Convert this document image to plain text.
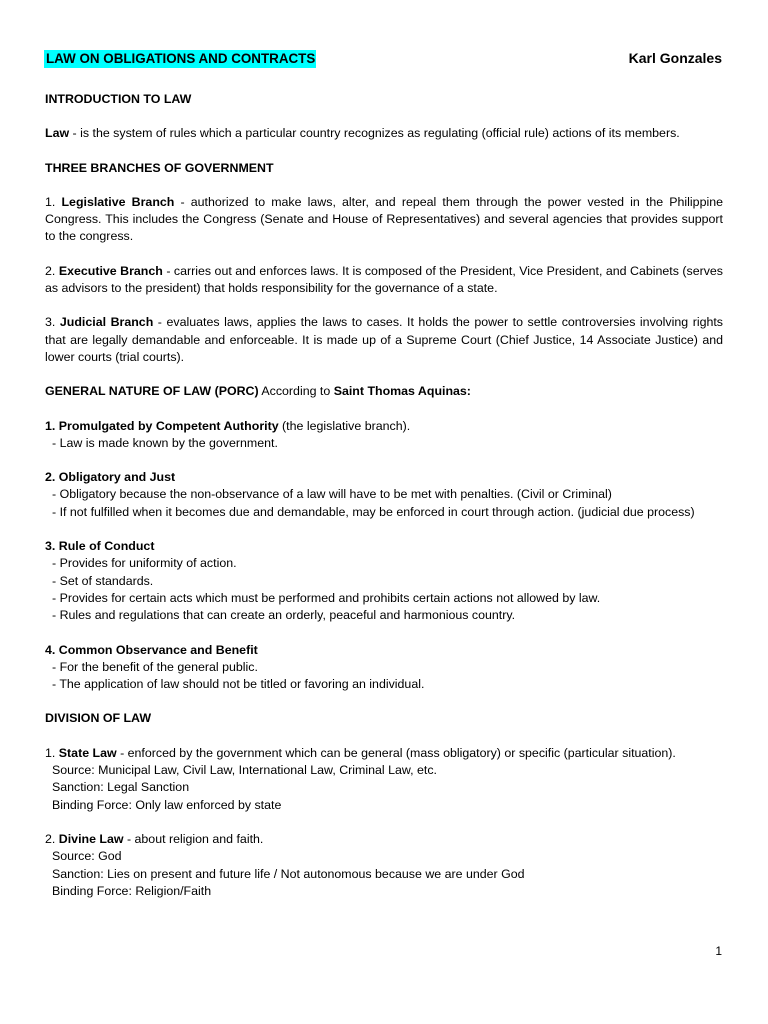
LAW ON OBLIGATIONS AND CONTRACTS	Karl Gonzales
INTRODUCTION TO LAW
Law - is the system of rules which a particular country recognizes as regulating (official rule) actions of its members.
THREE BRANCHES OF GOVERNMENT
1. Legislative Branch - authorized to make laws, alter, and repeal them through the power vested in the Philippine Congress. This includes the Congress (Senate and House of Representatives) and several agencies that provides support to the congress.
2. Executive Branch - carries out and enforces laws. It is composed of the President, Vice President, and Cabinets (serves as advisors to the president) that holds responsibility for the governance of a state.
3. Judicial Branch - evaluates laws, applies the laws to cases. It holds the power to settle controversies involving rights that are legally demandable and enforceable. It is made up of a Supreme Court (Chief Justice, 14 Associate Justice) and lower courts (trial courts).
GENERAL NATURE OF LAW (PORC) According to Saint Thomas Aquinas:
1. Promulgated by Competent Authority (the legislative branch).
- Law is made known by the government.
2. Obligatory and Just
- Obligatory because the non-observance of a law will have to be met with penalties. (Civil or Criminal)
- If not fulfilled when it becomes due and demandable, may be enforced in court through action. (judicial due process)
3. Rule of Conduct
- Provides for uniformity of action.
- Set of standards.
- Provides for certain acts which must be performed and prohibits certain actions not allowed by law.
- Rules and regulations that can create an orderly, peaceful and harmonious country.
4. Common Observance and Benefit
- For the benefit of the general public.
- The application of law should not be titled or favoring an individual.
DIVISION OF LAW
1. State Law - enforced by the government which can be general (mass obligatory) or specific (particular situation).
Source: Municipal Law, Civil Law, International Law, Criminal Law, etc.
Sanction: Legal Sanction
Binding Force: Only law enforced by state
2. Divine Law - about religion and faith.
Source: God
Sanction: Lies on present and future life / Not autonomous because we are under God
Binding Force: Religion/Faith
1
